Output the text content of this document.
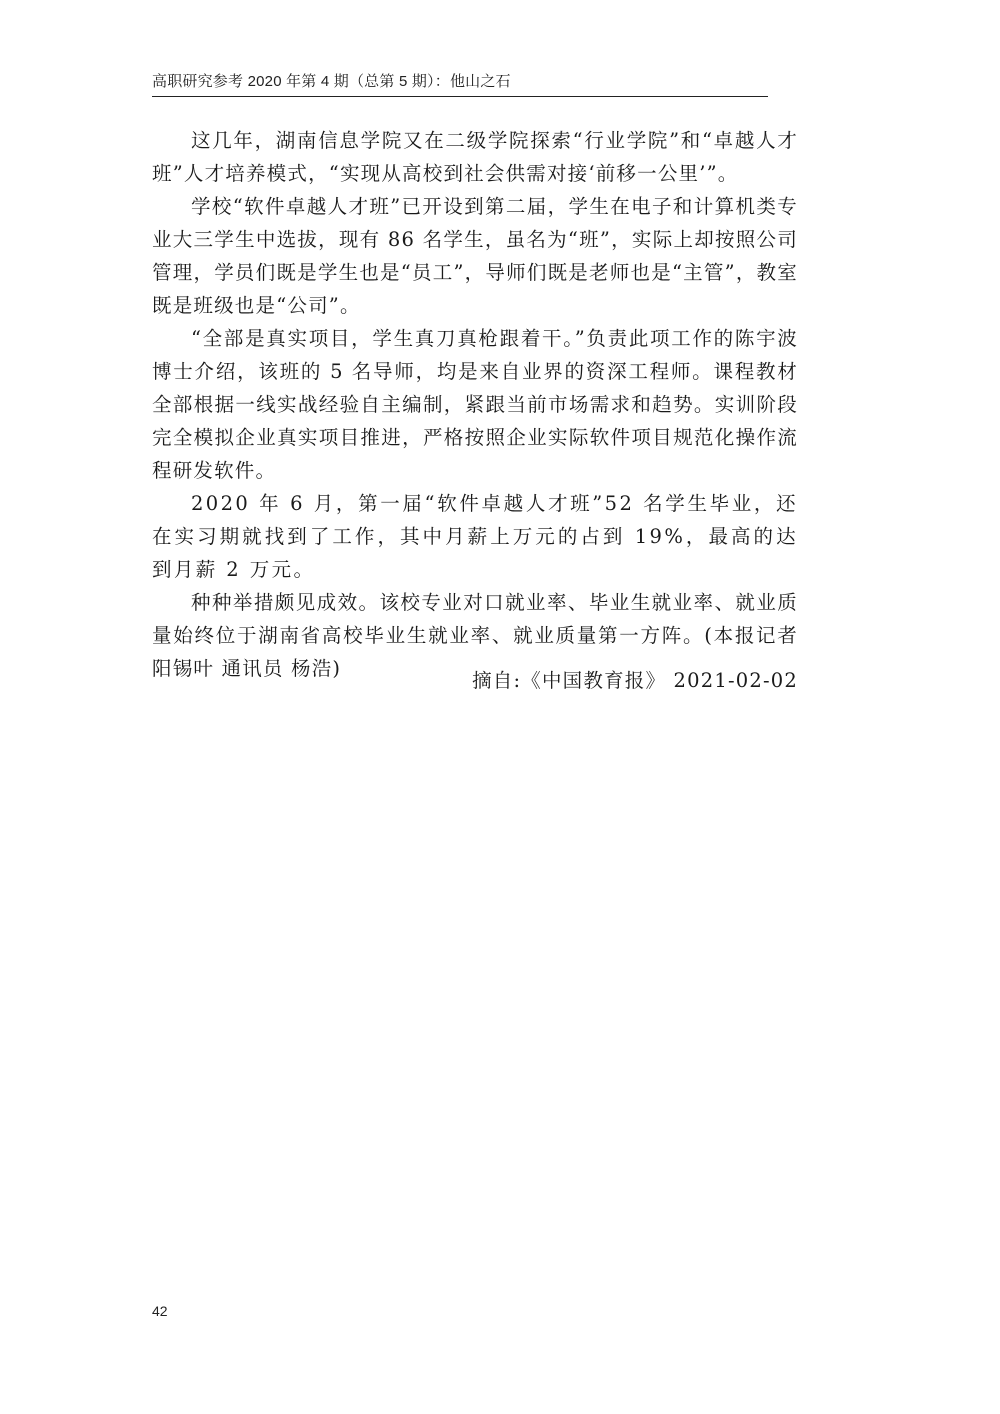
高职研究参考 2020 年第 4 期（总第 5 期）：他山之石

这几年，湖南信息学院又在二级学院探索“行业学院”和“卓越人才班”人才培养模式，“实现从高校到社会供需对接‘前移一公里’”。

学校“软件卓越人才班”已开设到第二届，学生在电子和计算机类专业大三学生中选拔，现有 86 名学生，虽名为“班”，实际上却按照公司管理，学员们既是学生也是“员工”，导师们既是老师也是“主管”，教室既是班级也是“公司”。

“全部是真实项目，学生真刀真枪跟着干。”负责此项工作的陈宇波博士介绍，该班的 5 名导师，均是来自业界的资深工程师。课程教材全部根据一线实战经验自主编制，紧跟当前市场需求和趋势。实训阶段完全模拟企业真实项目推进，严格按照企业实际软件项目规范化操作流程研发软件。

2020 年 6 月，第一届“软件卓越人才班”52 名学生毕业，还在实习期就找到了工作，其中月薪上万元的占到 19%，最高的达到月薪 2 万元。

种种举措颇见成效。该校专业对口就业率、毕业生就业率、就业质量始终位于湖南省高校毕业生就业率、就业质量第一方阵。(本报记者 阳锡叶 通讯员 杨浩)

摘自:《中国教育报》 2021-02-02
42
